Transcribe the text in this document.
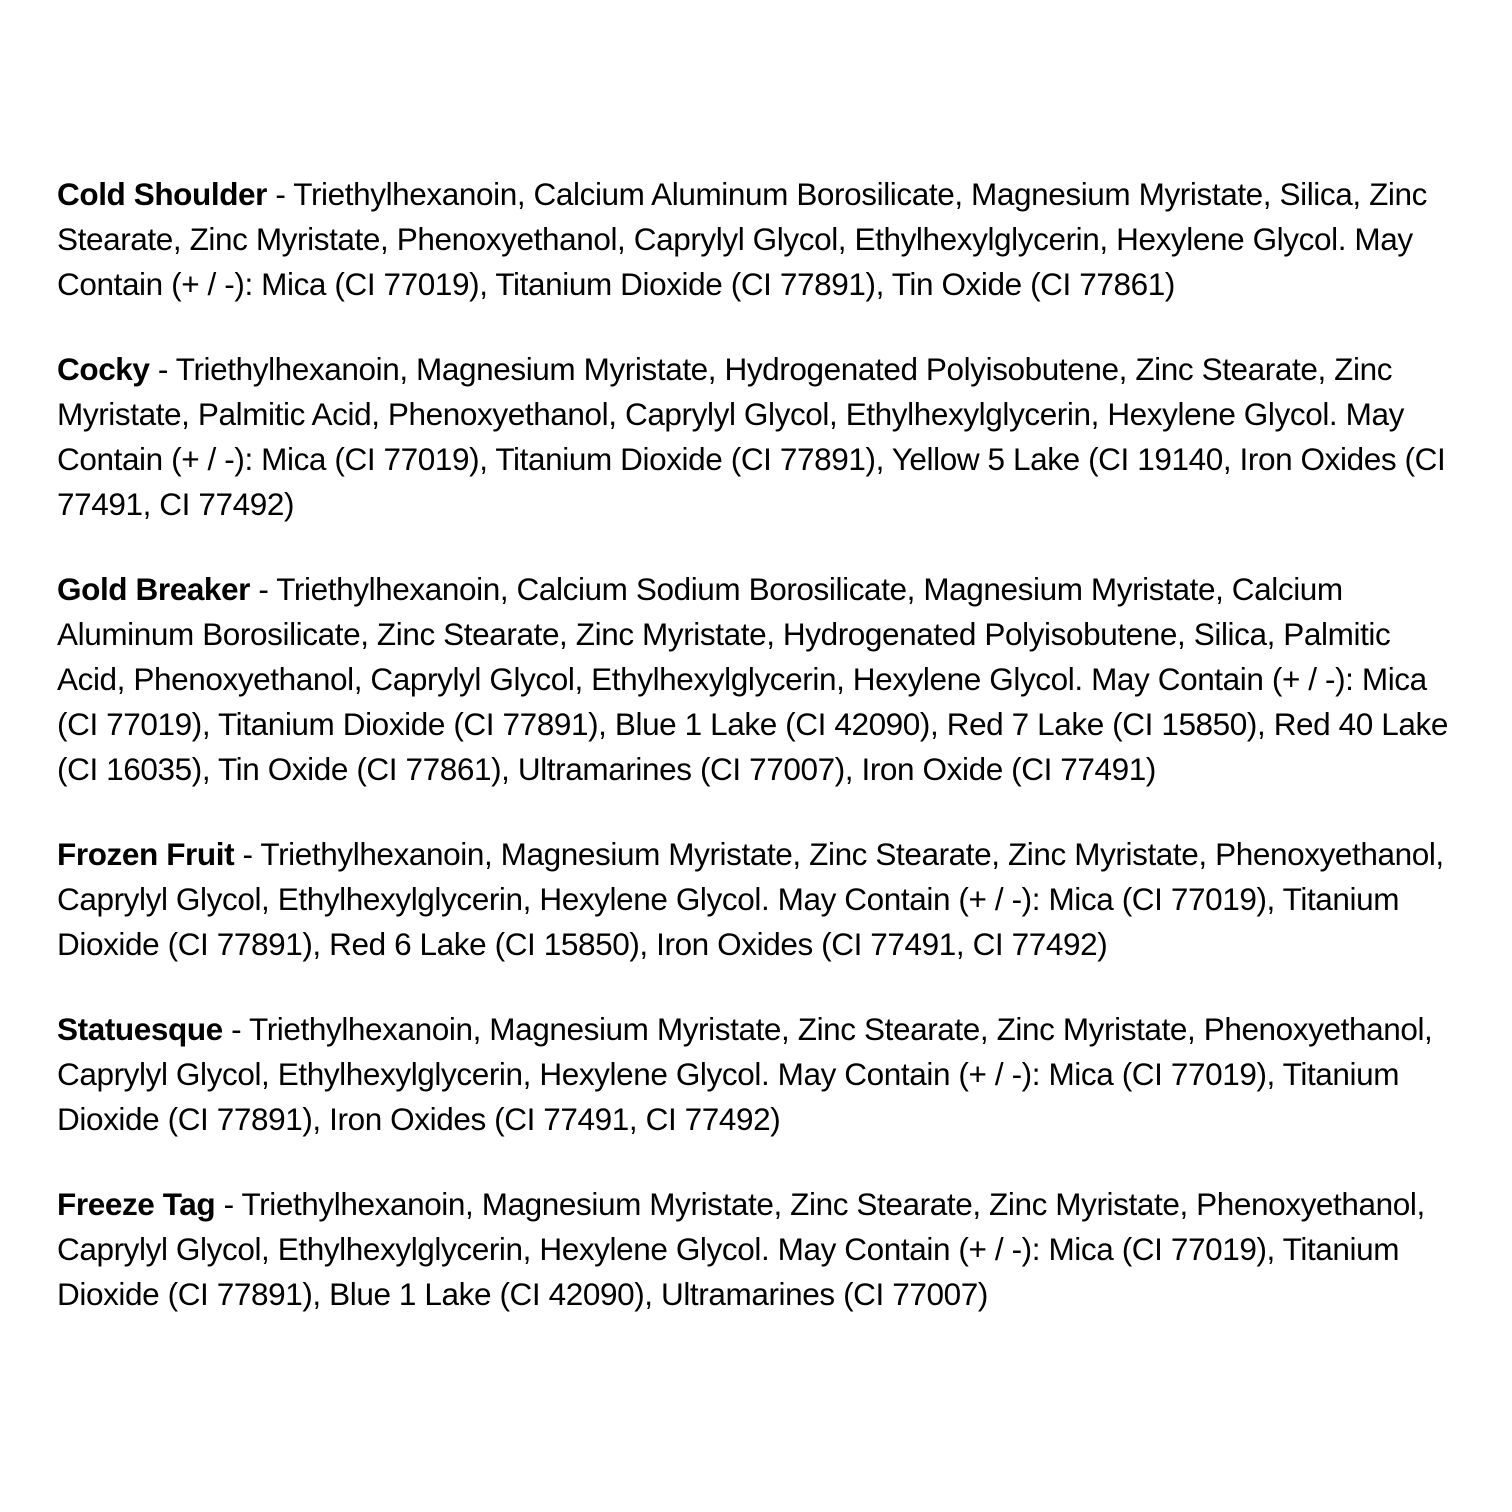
Cold Shoulder - Triethylhexanoin, Calcium Aluminum Borosilicate, Magnesium Myristate, Silica, Zinc Stearate, Zinc Myristate, Phenoxyethanol, Caprylyl Glycol, Ethylhexylglycerin, Hexylene Glycol. May Contain (+ / -): Mica (CI 77019), Titanium Dioxide (CI 77891), Tin Oxide (CI 77861)

Cocky - Triethylhexanoin, Magnesium Myristate, Hydrogenated Polyisobutene, Zinc Stearate, Zinc Myristate, Palmitic Acid, Phenoxyethanol, Caprylyl Glycol, Ethylhexylglycerin, Hexylene Glycol. May Contain (+ / -): Mica (CI 77019), Titanium Dioxide (CI 77891), Yellow 5 Lake (CI 19140, Iron Oxides (CI 77491, CI 77492)

Gold Breaker - Triethylhexanoin, Calcium Sodium Borosilicate, Magnesium Myristate, Calcium Aluminum Borosilicate, Zinc Stearate, Zinc Myristate, Hydrogenated Polyisobutene, Silica, Palmitic Acid, Phenoxyethanol, Caprylyl Glycol, Ethylhexylglycerin, Hexylene Glycol. May Contain (+ / -): Mica (CI 77019), Titanium Dioxide (CI 77891), Blue 1 Lake (CI 42090), Red 7 Lake (CI 15850), Red 40 Lake (CI 16035), Tin Oxide (CI 77861), Ultramarines (CI 77007), Iron Oxide (CI 77491)

Frozen Fruit - Triethylhexanoin, Magnesium Myristate, Zinc Stearate, Zinc Myristate, Phenoxyethanol, Caprylyl Glycol, Ethylhexylglycerin, Hexylene Glycol. May Contain (+ / -): Mica (CI 77019), Titanium Dioxide (CI 77891), Red 6 Lake (CI 15850), Iron Oxides (CI 77491, CI 77492)

Statuesque - Triethylhexanoin, Magnesium Myristate, Zinc Stearate, Zinc Myristate, Phenoxyethanol, Caprylyl Glycol, Ethylhexylglycerin, Hexylene Glycol. May Contain (+ / -): Mica (CI 77019), Titanium Dioxide (CI 77891), Iron Oxides (CI 77491, CI 77492)

Freeze Tag - Triethylhexanoin, Magnesium Myristate, Zinc Stearate, Zinc Myristate, Phenoxyethanol, Caprylyl Glycol, Ethylhexylglycerin, Hexylene Glycol. May Contain (+ / -): Mica (CI 77019), Titanium Dioxide (CI 77891), Blue 1 Lake (CI 42090), Ultramarines (CI 77007)
